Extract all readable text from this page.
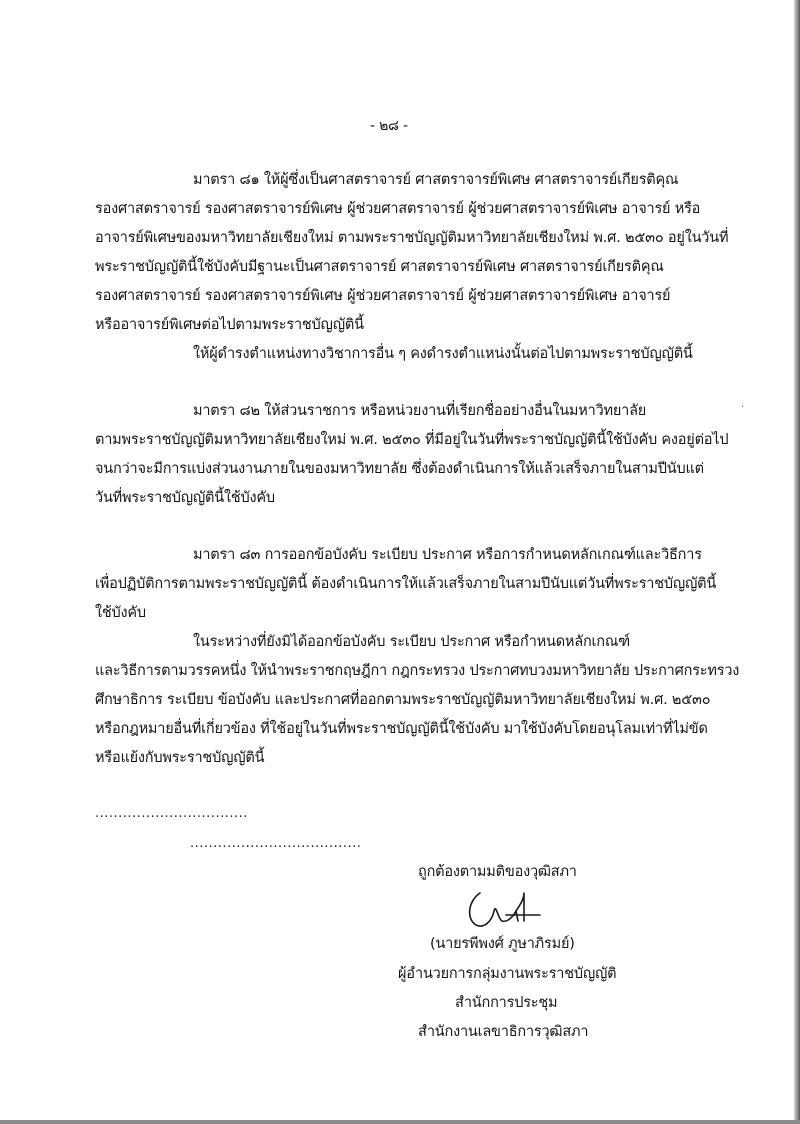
- ๒๘ -
มาตรา ๘๑ ให้ผู้ซึ่งเป็นศาสตราจารย์ ศาสตราจารย์พิเศษ ศาสตราจารย์เกียรติคุณ
รองศาสตราจารย์ รองศาสตราจารย์พิเศษ ผู้ช่วยศาสตราจารย์ ผู้ช่วยศาสตราจารย์พิเศษ อาจารย์ หรือ
อาจารย์พิเศษของมหาวิทยาลัยเชียงใหม่ ตามพระราชบัญญัติมหาวิทยาลัยเชียงใหม่ พ.ศ. ๒๕๓๐ อยู่ในวันที่
พระราชบัญญัตินี้ใช้บังคับมีฐานะเป็นศาสตราจารย์ ศาสตราจารย์พิเศษ ศาสตราจารย์เกียรติคุณ
รองศาสตราจารย์ รองศาสตราจารย์พิเศษ ผู้ช่วยศาสตราจารย์ ผู้ช่วยศาสตราจารย์พิเศษ อาจารย์
หรืออาจารย์พิเศษต่อไปตามพระราชบัญญัตินี้
ให้ผู้ดำรงตำแหน่งทางวิชาการอื่น ๆ คงดำรงตำแหน่งนั้นต่อไปตามพระราชบัญญัตินี้
มาตรา ๘๒ ให้ส่วนราชการ หรือหน่วยงานที่เรียกชื่ออย่างอื่นในมหาวิทยาลัย
ตามพระราชบัญญัติมหาวิทยาลัยเชียงใหม่ พ.ศ. ๒๕๓๐ ที่มีอยู่ในวันที่พระราชบัญญัตินี้ใช้บังคับ คงอยู่ต่อไป
จนกว่าจะมีการแบ่งส่วนงานภายในของมหาวิทยาลัย ซึ่งต้องดำเนินการให้แล้วเสร็จภายในสามปีนับแต่
วันที่พระราชบัญญัตินี้ใช้บังคับ
มาตรา ๘๓ การออกข้อบังคับ ระเบียบ ประกาศ หรือการกำหนดหลักเกณฑ์และวิธีการ
เพื่อปฏิบัติการตามพระราชบัญญัตินี้ ต้องดำเนินการให้แล้วเสร็จภายในสามปีนับแต่วันที่พระราชบัญญัตินี้
ใช้บังคับ
ในระหว่างที่ยังมิได้ออกข้อบังคับ ระเบียบ ประกาศ หรือกำหนดหลักเกณฑ์
และวิธีการตามวรรคหนึ่ง ให้นำพระราชกฤษฎีกา กฎกระทรวง ประกาศทบวงมหาวิทยาลัย ประกาศกระทรวง
ศึกษาธิการ ระเบียบ ข้อบังคับ และประกาศที่ออกตามพระราชบัญญัติมหาวิทยาลัยเชียงใหม่ พ.ศ. ๒๕๓๐
หรือกฎหมายอื่นที่เกี่ยวข้อง ที่ใช้อยู่ในวันที่พระราชบัญญัตินี้ใช้บังคับ มาใช้บังคับโดยอนุโลมเท่าที่ไม่ขัด
หรือแย้งกับพระราชบัญญัตินี้
.................................
.....................................
ถูกต้องตามมติของวุฒิสภา
(นายรพีพงศ์ ภูษาภิรมย์)
ผู้อำนวยการกลุ่มงานพระราชบัญญัติ
สำนักการประชุม
สำนักงานเลขาธิการวุฒิสภา
·
